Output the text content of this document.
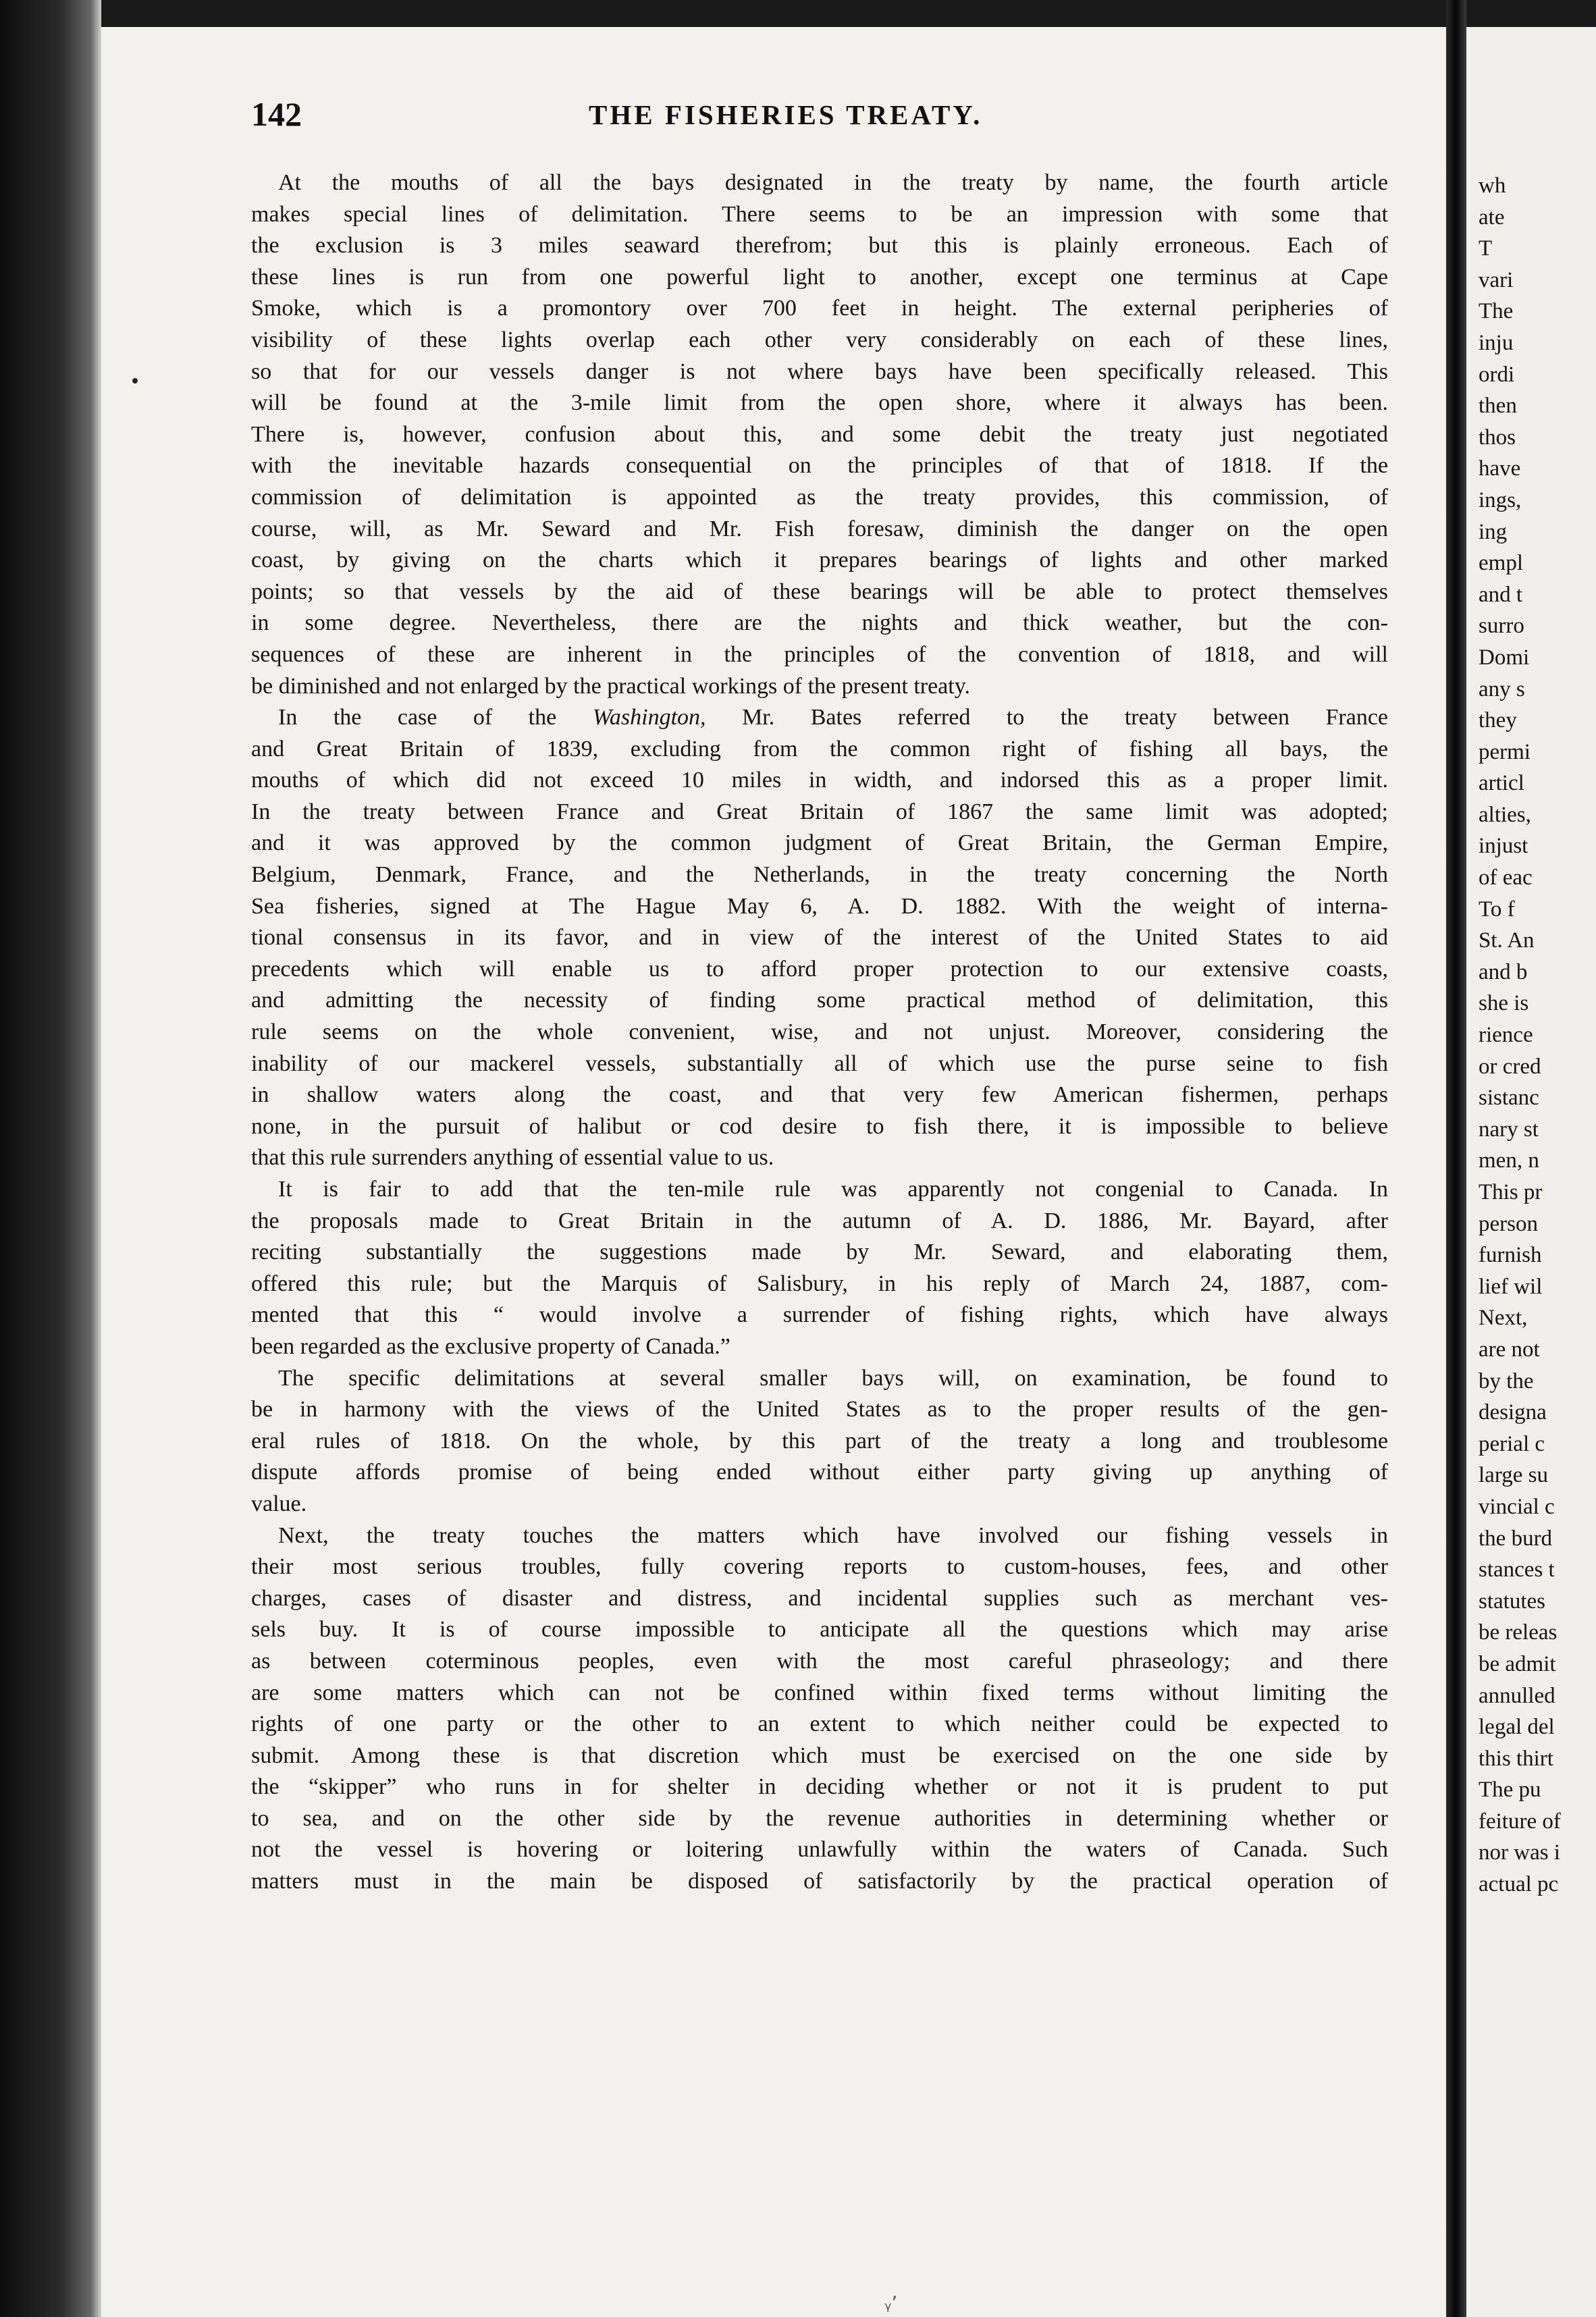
wh
ate
T
vari
The
inju
ordi
then
thos
have
ings,
ing
empl
and t
surro
Domi
any s
they
permi
articl
alties,
injust
of eac
To f
St. An
and b
she is
rience
or cred
sistanc
nary st
men, n
This pr
person
furnish
lief wil
Next,
are not
by the
designa
perial c
large su
vincial c
the burd
stances t
statutes
be releas
be admit
annulled
legal del
this thirt
The pu
feiture of
nor was i
actual pc
142	THE FISHERIES TREATY.
At the mouths of all the bays designated in the treaty by name, the fourth article
makes special lines of delimitation. There seems to be an impression with some that
the exclusion is 3 miles seaward therefrom; but this is plainly erroneous. Each of
these lines is run from one powerful light to another, except one terminus at Cape
Smoke, which is a promontory over 700 feet in height. The external peripheries of
visibility of these lights overlap each other very considerably on each of these lines,
so that for our vessels danger is not where bays have been specifically released. This
will be found at the 3-mile limit from the open shore, where it always has been.
There is, however, confusion about this, and some debit the treaty just negotiated
with the inevitable hazards consequential on the principles of that of 1818. If the
commission of delimitation is appointed as the treaty provides, this commission, of
course, will, as Mr. Seward and Mr. Fish foresaw, diminish the danger on the open
coast, by giving on the charts which it prepares bearings of lights and other marked
points; so that vessels by the aid of these bearings will be able to protect themselves
in some degree. Nevertheless, there are the nights and thick weather, but the con-
sequences of these are inherent in the principles of the convention of 1818, and will
be diminished and not enlarged by the practical workings of the present treaty.
In the case of the Washington, Mr. Bates referred to the treaty between France
and Great Britain of 1839, excluding from the common right of fishing all bays, the
mouths of which did not exceed 10 miles in width, and indorsed this as a proper limit.
In the treaty between France and Great Britain of 1867 the same limit was adopted;
and it was approved by the common judgment of Great Britain, the German Empire,
Belgium, Denmark, France, and the Netherlands, in the treaty concerning the North
Sea fisheries, signed at The Hague May 6, A. D. 1882. With the weight of interna-
tional consensus in its favor, and in view of the interest of the United States to aid
precedents which will enable us to afford proper protection to our extensive coasts,
and admitting the necessity of finding some practical method of delimitation, this
rule seems on the whole convenient, wise, and not unjust. Moreover, considering the
inability of our mackerel vessels, substantially all of which use the purse seine to fish
in shallow waters along the coast, and that very few American fishermen, perhaps
none, in the pursuit of halibut or cod desire to fish there, it is impossible to believe
that this rule surrenders anything of essential value to us.
It is fair to add that the ten-mile rule was apparently not congenial to Canada. In
the proposals made to Great Britain in the autumn of A. D. 1886, Mr. Bayard, after
reciting substantially the suggestions made by Mr. Seward, and elaborating them,
offered this rule; but the Marquis of Salisbury, in his reply of March 24, 1887, com-
mented that this “ would involve a surrender of fishing rights, which have always
been regarded as the exclusive property of Canada.”
The specific delimitations at several smaller bays will, on examination, be found to
be in harmony with the views of the United States as to the proper results of the gen-
eral rules of 1818. On the whole, by this part of the treaty a long and troublesome
dispute affords promise of being ended without either party giving up anything of
value.
Next, the treaty touches the matters which have involved our fishing vessels in
their most serious troubles, fully covering reports to custom-houses, fees, and other
charges, cases of disaster and distress, and incidental supplies such as merchant ves-
sels buy. It is of course impossible to anticipate all the questions which may arise
as between coterminous peoples, even with the most careful phraseology; and there
are some matters which can not be confined within fixed terms without limiting the
rights of one party or the other to an extent to which neither could be expected to
submit. Among these is that discretion which must be exercised on the one side by
the “skipper” who runs in for shelter in deciding whether or not it is prudent to put
to sea, and on the other side by the revenue authorities in determining whether or
not the vessel is hovering or loitering unlawfully within the waters of Canada. Such
matters must in the main be disposed of satisfactorily by the practical operation of
ᵧʼ
